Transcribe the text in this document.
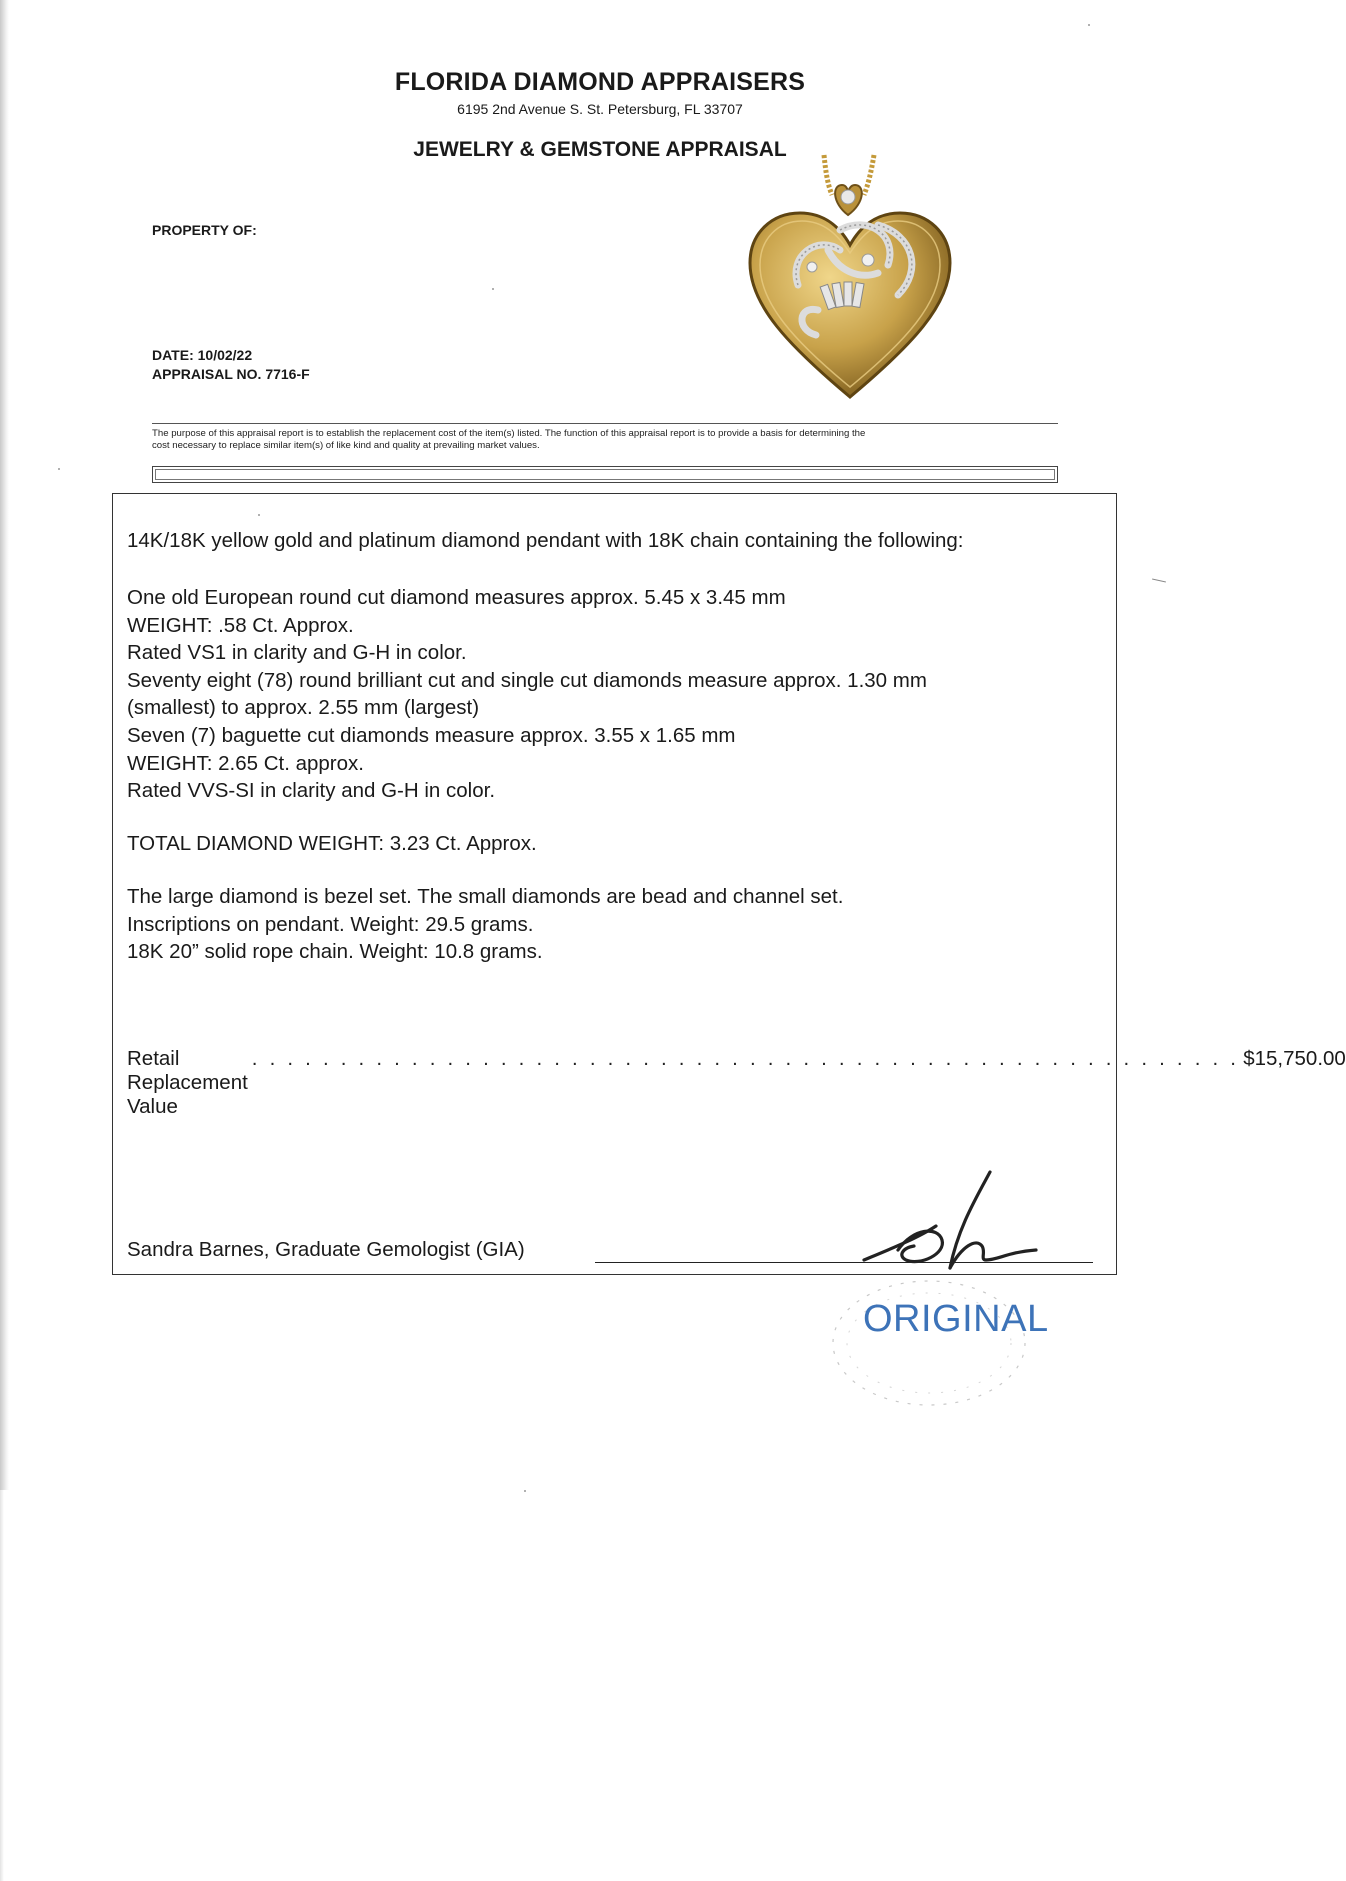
FLORIDA DIAMOND APPRAISERS
6195 2nd Avenue S. St. Petersburg, FL 33707
JEWELRY & GEMSTONE APPRAISAL
PROPERTY OF:
DATE: 10/02/22
APPRAISAL NO. 7716-F
The purpose of this appraisal report is to establish the replacement cost of the item(s) listed. The function of this appraisal report is to provide a basis for determining the
cost necessary to replace similar item(s) of like kind and quality at prevailing market values.
14K/18K yellow gold and platinum diamond pendant with 18K chain containing the following:
One old European round cut diamond measures approx. 5.45 x 3.45 mm
WEIGHT: .58 Ct. Approx.
Rated VS1 in clarity and G-H in color.
Seventy eight (78) round brilliant cut and single cut diamonds measure approx. 1.30 mm
(smallest) to approx. 2.55 mm (largest)
Seven (7) baguette cut diamonds measure approx. 3.55 x 1.65 mm
WEIGHT: 2.65 Ct. approx.
Rated VVS-SI in clarity and G-H in color.
TOTAL DIAMOND WEIGHT: 3.23 Ct. Approx.
The large diamond is bezel set. The small diamonds are bead and channel set.
Inscriptions on pendant. Weight: 29.5 grams.
18K 20” solid rope chain. Weight: 10.8 grams.
Retail Replacement Value
. . . . . . . . . . . . . . . . . . . . . . . . . . . . . . . . . . . . . . . . . . . . . . . . . . . . . . . . $15,750.00
Sandra Barnes, Graduate Gemologist (GIA)
ORIGINAL
